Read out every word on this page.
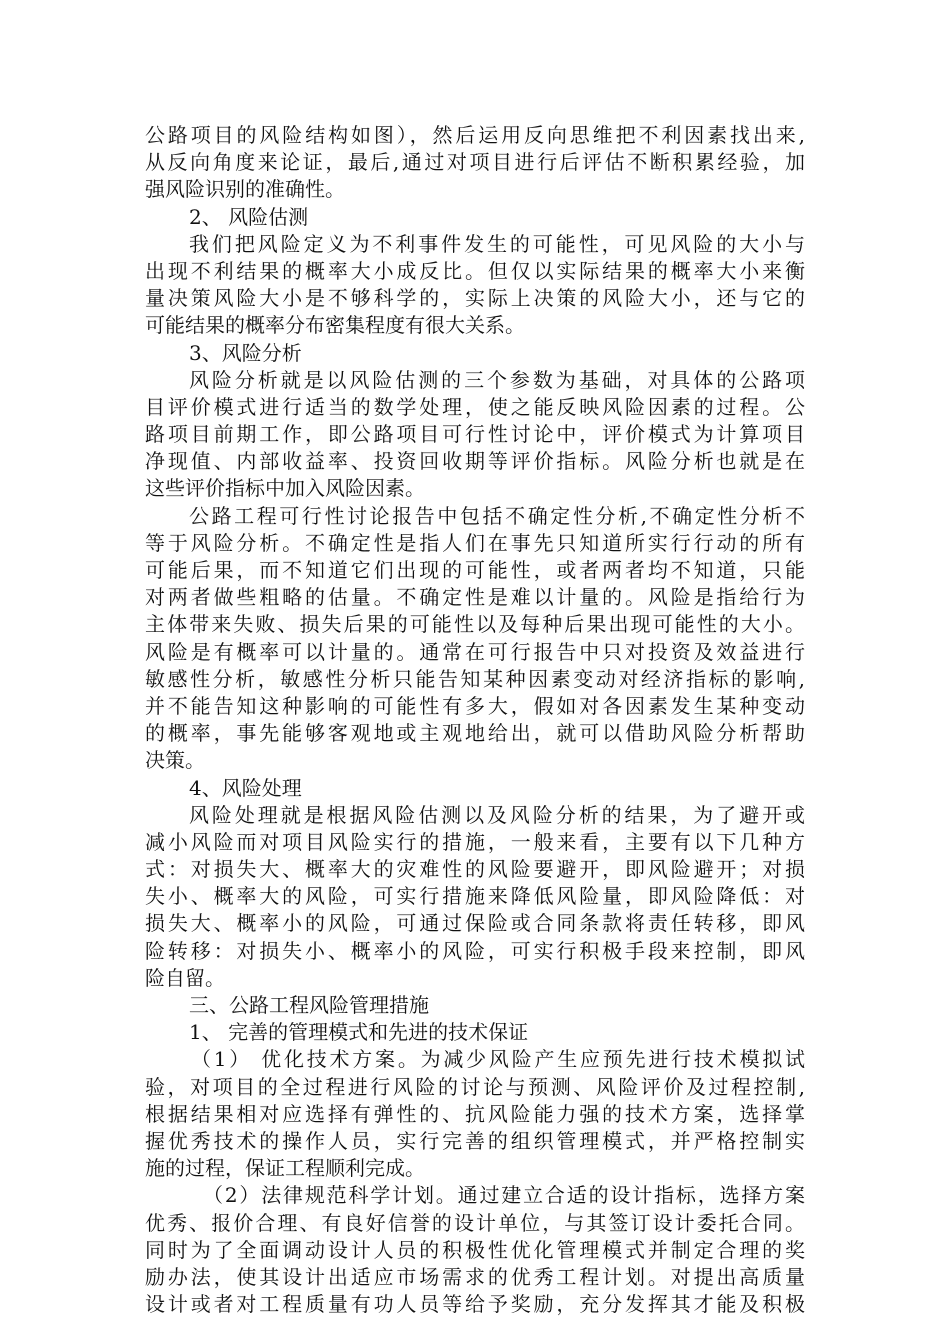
公路项目的风险结构如图），然后运用反向思维把不利因素找出来,
从反向角度来论证，最后,通过对项目进行后评估不断积累经验，加
强风险识别的准确性。
2、 风险估测
我们把风险定义为不利事件发生的可能性，可见风险的大小与
出现不利结果的概率大小成反比。但仅以实际结果的概率大小来衡
量决策风险大小是不够科学的，实际上决策的风险大小，还与它的
可能结果的概率分布密集程度有很大关系。
3、风险分析
风险分析就是以风险估测的三个参数为基础，对具体的公路项
目评价模式进行适当的数学处理，使之能反映风险因素的过程。公
路项目前期工作，即公路项目可行性讨论中，评价模式为计算项目
净现值、内部收益率、投资回收期等评价指标。风险分析也就是在
这些评价指标中加入风险因素。
公路工程可行性讨论报告中包括不确定性分析,不确定性分析不
等于风险分析。不确定性是指人们在事先只知道所实行行动的所有
可能后果，而不知道它们出现的可能性，或者两者均不知道，只能
对两者做些粗略的估量。不确定性是难以计量的。风险是指给行为
主体带来失败、损失后果的可能性以及每种后果出现可能性的大小。
风险是有概率可以计量的。通常在可行报告中只对投资及效益进行
敏感性分析，敏感性分析只能告知某种因素变动对经济指标的影响,
并不能告知这种影响的可能性有多大，假如对各因素发生某种变动
的概率，事先能够客观地或主观地给出，就可以借助风险分析帮助
决策。
4、风险处理
风险处理就是根据风险估测以及风险分析的结果，为了避开或
减小风险而对项目风险实行的措施，一般来看，主要有以下几种方
式：对损失大、概率大的灾难性的风险要避开，即风险避开；对损
失小、概率大的风险，可实行措施来降低风险量，即风险降低：对
损失大、概率小的风险，可通过保险或合同条款将责任转移，即风
险转移：对损失小、概率小的风险，可实行积极手段来控制，即风
险自留。
三、公路工程风险管理措施
1、 完善的管理模式和先进的技术保证
（1） 优化技术方案。为减少风险产生应预先进行技术模拟试
验，对项目的全过程进行风险的讨论与预测、风险评价及过程控制,
根据结果相对应选择有弹性的、抗风险能力强的技术方案，选择掌
握优秀技术的操作人员，实行完善的组织管理模式，并严格控制实
施的过程，保证工程顺利完成。
（2）法律规范科学计划。通过建立合适的设计指标，选择方案
优秀、报价合理、有良好信誉的设计单位，与其签订设计委托合同。
同时为了全面调动设计人员的积极性优化管理模式并制定合理的奖
励办法，使其设计出适应市场需求的优秀工程计划。对提出高质量
设计或者对工程质量有功人员等给予奖励，充分发挥其才能及积极
